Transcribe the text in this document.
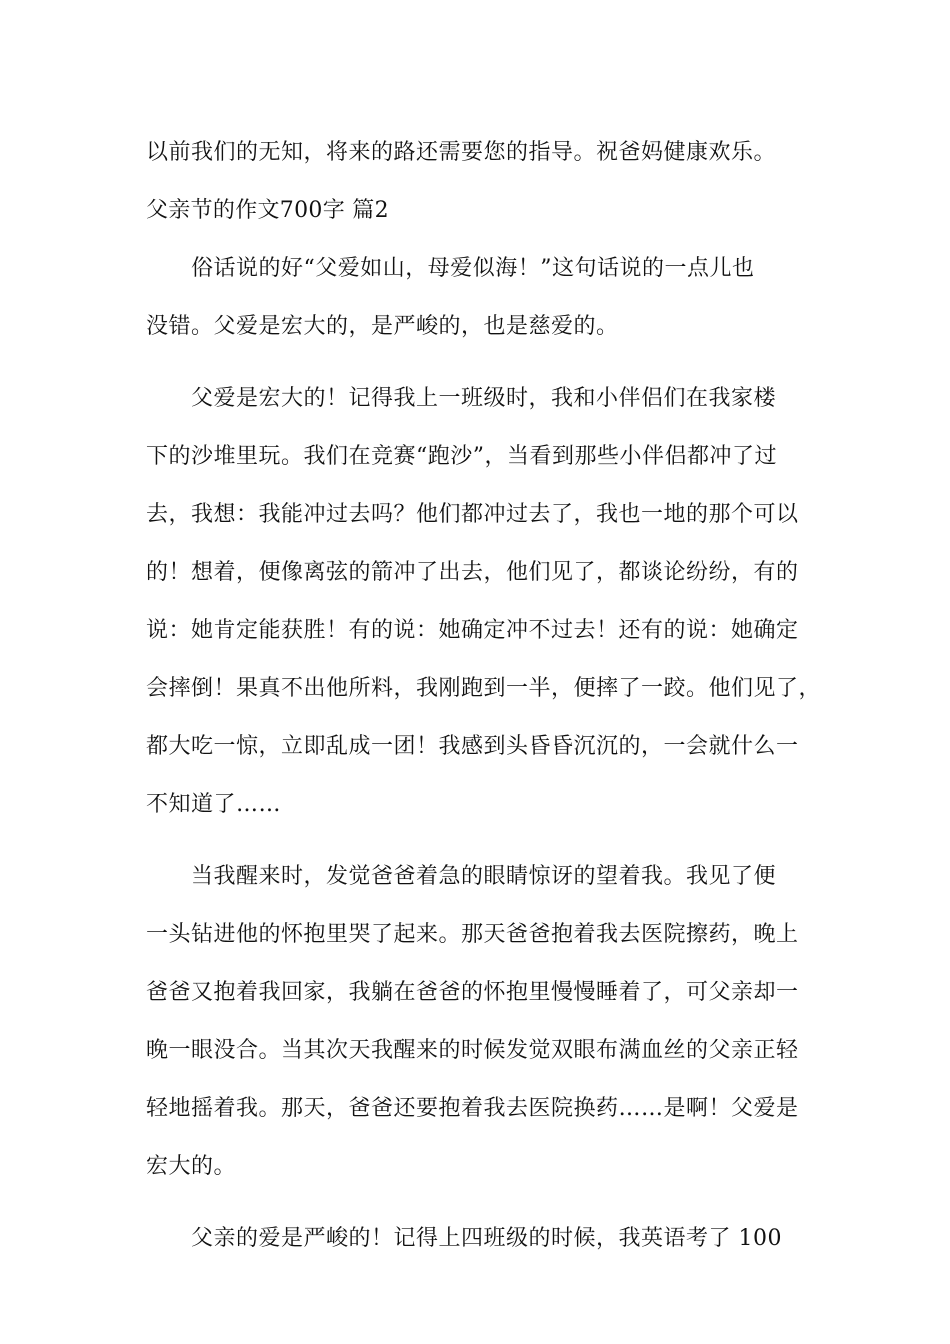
以前我们的无知，将来的路还需要您的指导。祝爸妈健康欢乐。
父亲节的作文700字 篇2
　　俗话说的好“父爱如山，母爱似海！”这句话说的一点儿也
没错。父爱是宏大的，是严峻的，也是慈爱的。
　　父爱是宏大的！记得我上一班级时，我和小伴侣们在我家楼
下的沙堆里玩。我们在竞赛“跑沙”，当看到那些小伴侣都冲了过
去，我想：我能冲过去吗？他们都冲过去了，我也一地的那个可以
的！想着，便像离弦的箭冲了出去，他们见了，都谈论纷纷，有的
说：她肯定能获胜！有的说：她确定冲不过去！还有的说：她确定
会摔倒！果真不出他所料，我刚跑到一半，便摔了一跤。他们见了，
都大吃一惊，立即乱成一团！我感到头昏昏沉沉的，一会就什么一
不知道了……
　　当我醒来时，发觉爸爸着急的眼睛惊讶的望着我。我见了便
一头钻进他的怀抱里哭了起来。那天爸爸抱着我去医院擦药，晚上
爸爸又抱着我回家，我躺在爸爸的怀抱里慢慢睡着了，可父亲却一
晚一眼没合。当其次天我醒来的时候发觉双眼布满血丝的父亲正轻
轻地摇着我。那天，爸爸还要抱着我去医院换药……是啊！父爱是
宏大的。
　　父亲的爱是严峻的！记得上四班级的时候，我英语考了 100
